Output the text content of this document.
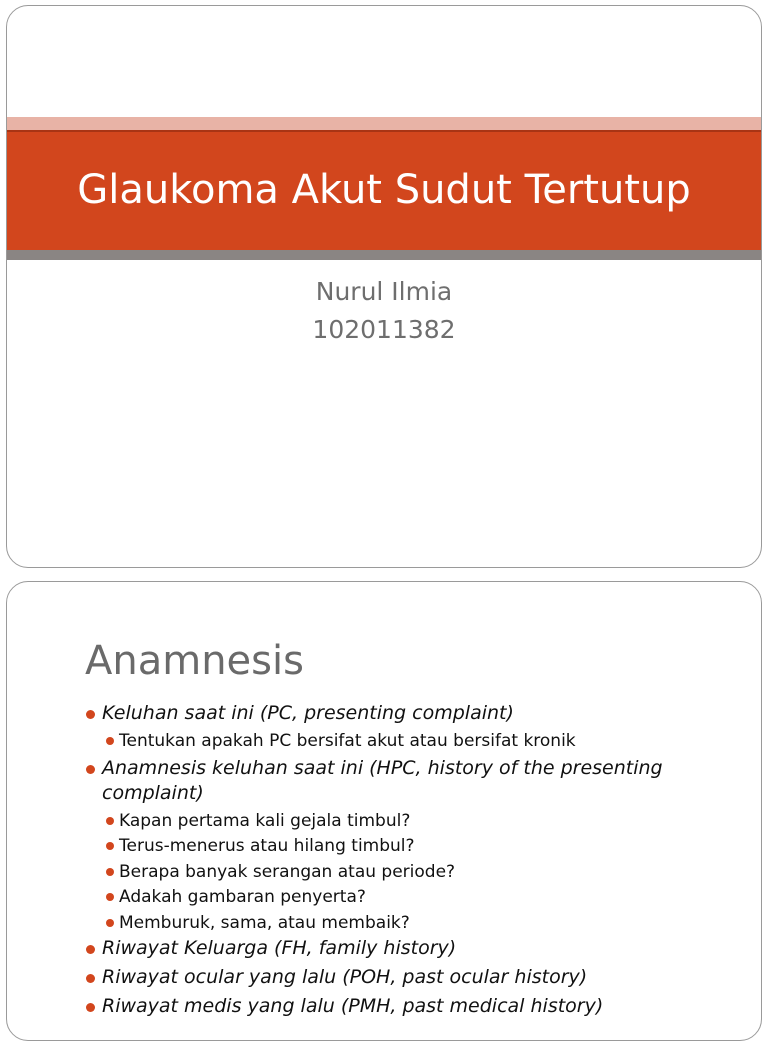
Glaukoma Akut Sudut Tertutup
Nurul Ilmia
102011382
Anamnesis
Keluhan saat ini (PC, presenting complaint)
Tentukan apakah PC bersifat akut atau bersifat kronik
Anamnesis keluhan saat ini (HPC, history of the presenting
complaint)
Kapan pertama kali gejala timbul?
Terus-menerus atau hilang timbul?
Berapa banyak serangan atau periode?
Adakah gambaran penyerta?
Memburuk, sama, atau membaik?
Riwayat Keluarga (FH, family history)
Riwayat ocular yang lalu (POH, past ocular history)
Riwayat medis yang lalu (PMH, past medical history)
